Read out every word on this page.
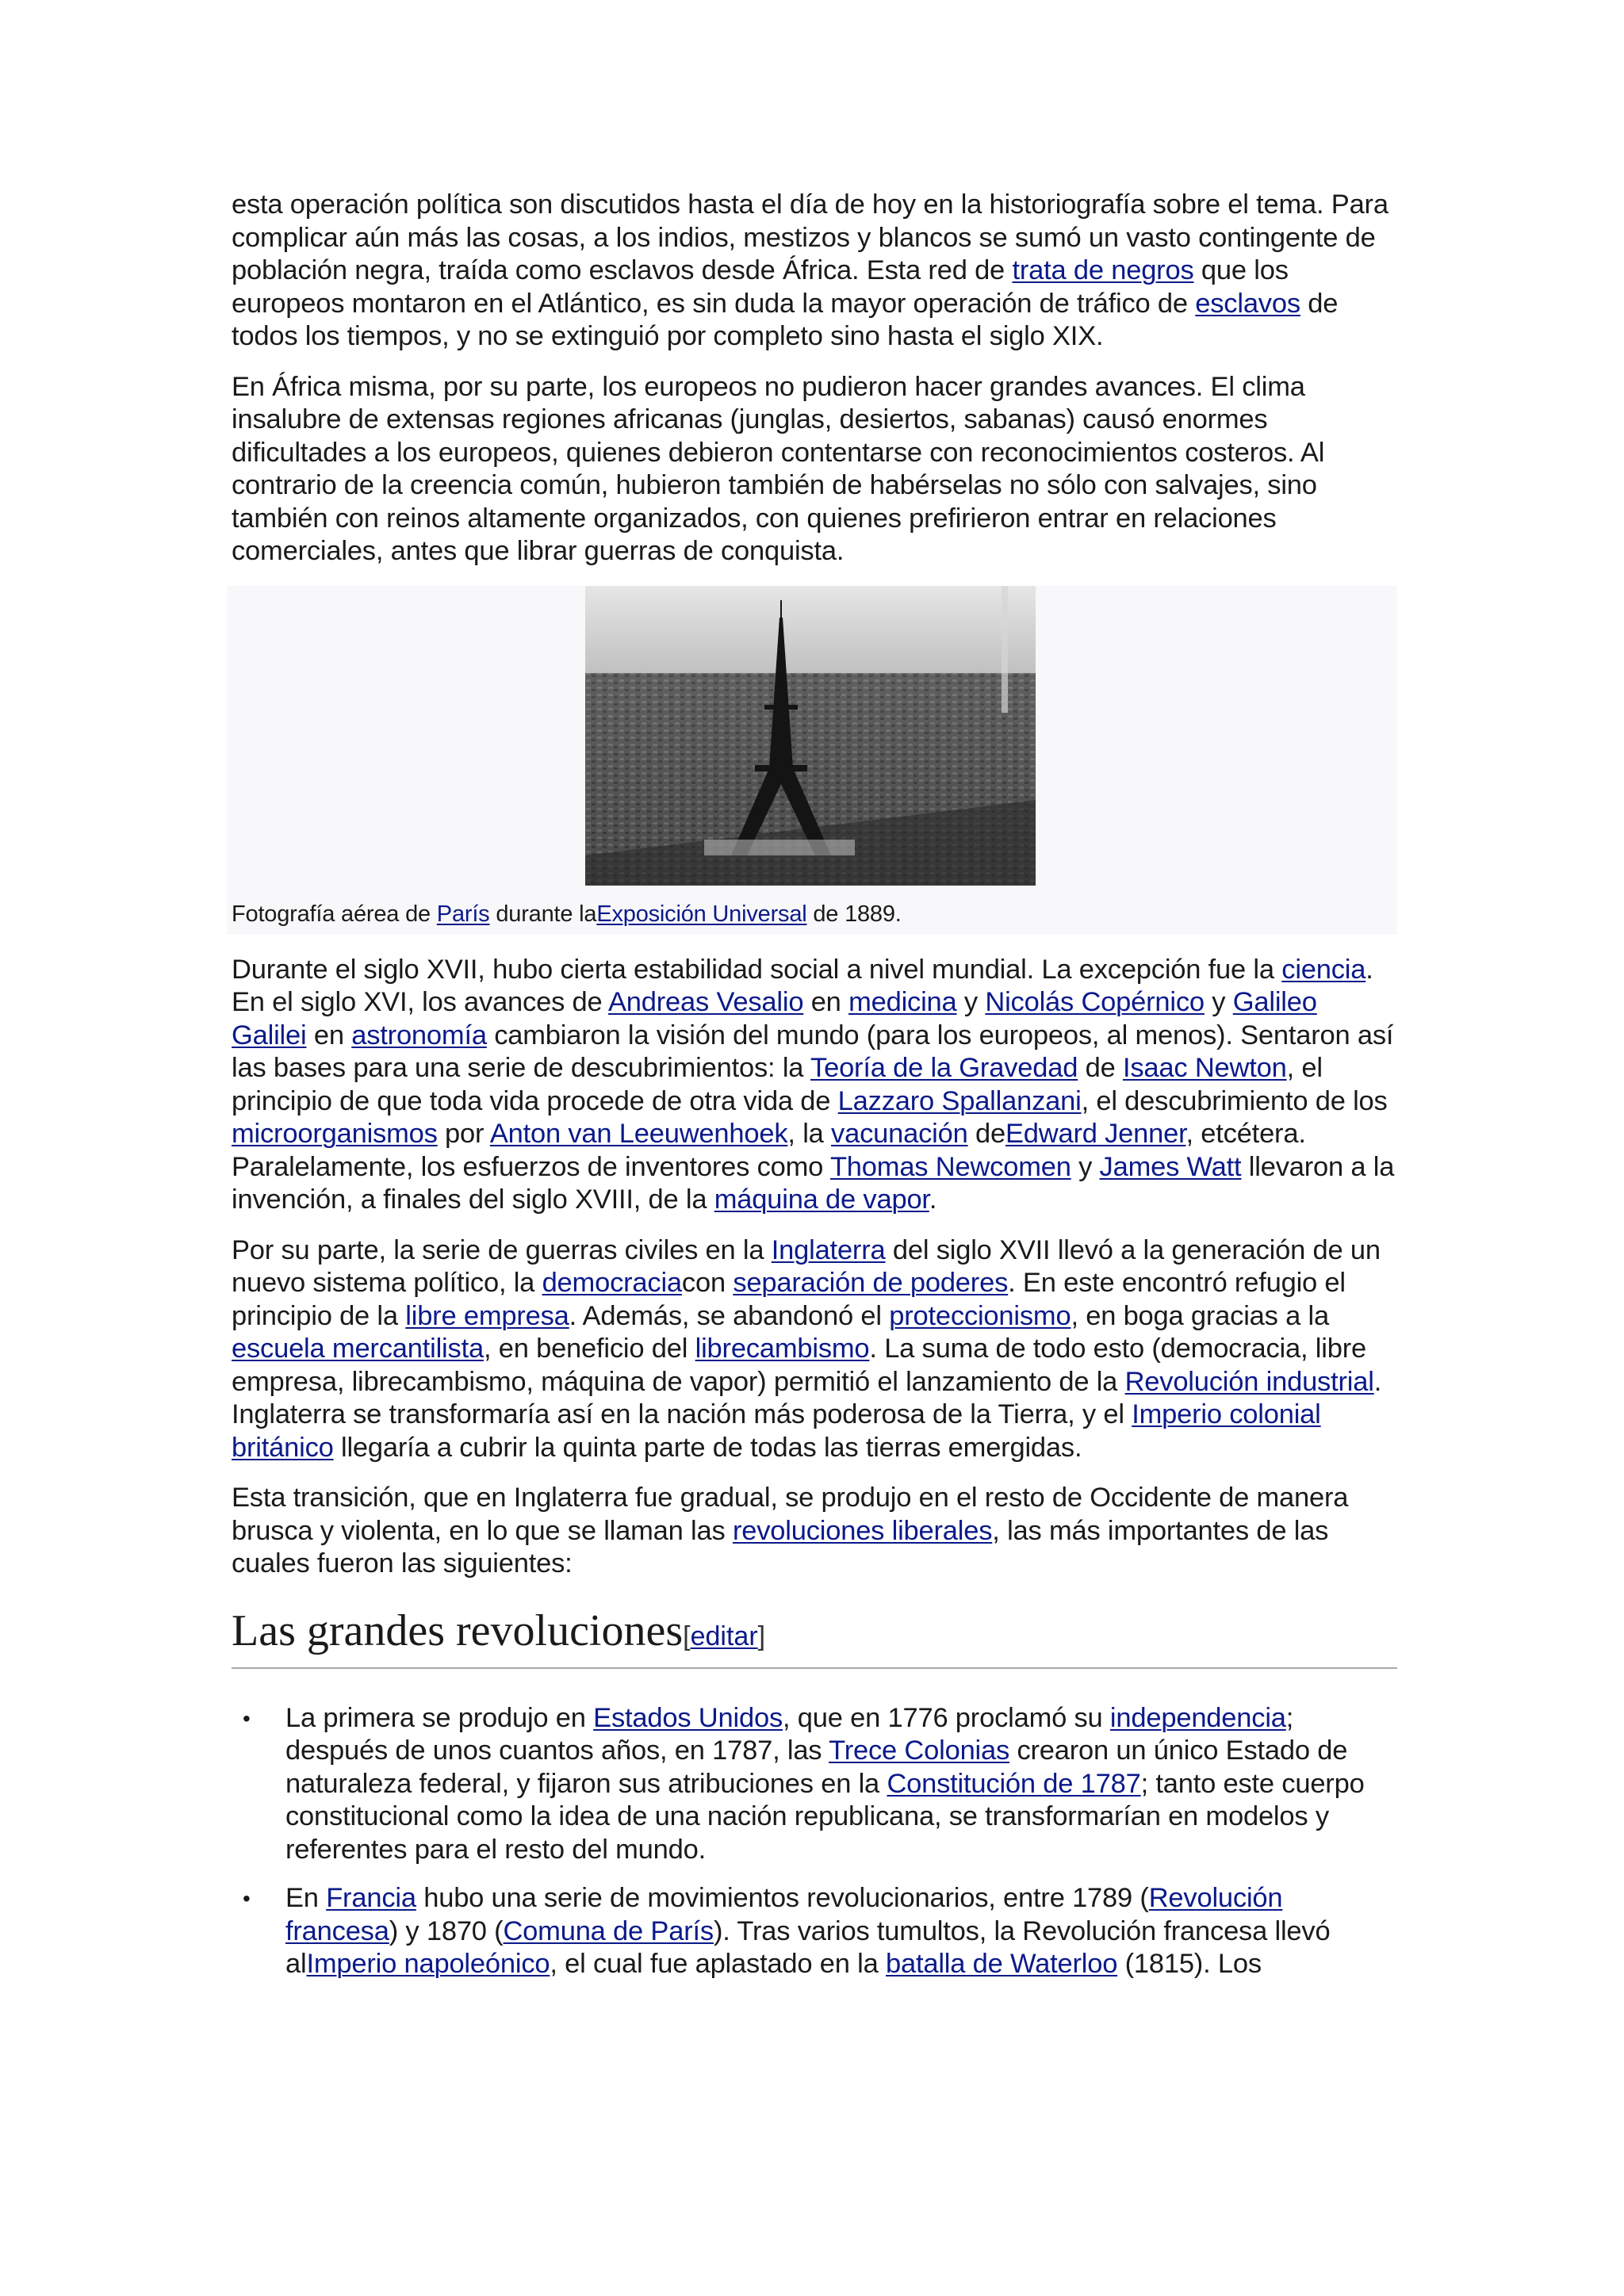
esta operación política son discutidos hasta el día de hoy en la historiografía sobre el tema. Para complicar aún más las cosas, a los indios, mestizos y blancos se sumó un vasto contingente de población negra, traída como esclavos desde África. Esta red de trata de negros que los europeos montaron en el Atlántico, es sin duda la mayor operación de tráfico de esclavos de todos los tiempos, y no se extinguió por completo sino hasta el siglo XIX.

En África misma, por su parte, los europeos no pudieron hacer grandes avances. El clima insalubre de extensas regiones africanas (junglas, desiertos, sabanas) causó enormes dificultades a los europeos, quienes debieron contentarse con reconocimientos costeros. Al contrario de la creencia común, hubieron también de habérselas no sólo con salvajes, sino también con reinos altamente organizados, con quienes prefirieron entrar en relaciones comerciales, antes que librar guerras de conquista.

Fotografía aérea de París durante laExposición Universal de 1889.

Durante el siglo XVII, hubo cierta estabilidad social a nivel mundial. La excepción fue la ciencia. En el siglo XVI, los avances de Andreas Vesalio en medicina y Nicolás Copérnico y Galileo Galilei en astronomía cambiaron la visión del mundo (para los europeos, al menos). Sentaron así las bases para una serie de descubrimientos: la Teoría de la Gravedad de Isaac Newton, el principio de que toda vida procede de otra vida de Lazzaro Spallanzani, el descubrimiento de los microorganismos por Anton van Leeuwenhoek, la vacunación deEdward Jenner, etcétera. Paralelamente, los esfuerzos de inventores como Thomas Newcomen y James Watt llevaron a la invención, a finales del siglo XVIII, de la máquina de vapor.

Por su parte, la serie de guerras civiles en la Inglaterra del siglo XVII llevó a la generación de un nuevo sistema político, la democraciacon separación de poderes. En este encontró refugio el principio de la libre empresa. Además, se abandonó el proteccionismo, en boga gracias a la escuela mercantilista, en beneficio del librecambismo. La suma de todo esto (democracia, libre empresa, librecambismo, máquina de vapor) permitió el lanzamiento de la Revolución industrial. Inglaterra se transformaría así en la nación más poderosa de la Tierra, y el Imperio colonial británico llegaría a cubrir la quinta parte de todas las tierras emergidas.

Esta transición, que en Inglaterra fue gradual, se produjo en el resto de Occidente de manera brusca y violenta, en lo que se llaman las revoluciones liberales, las más importantes de las cuales fueron las siguientes:

Las grandes revoluciones[editar]
• La primera se produjo en Estados Unidos, que en 1776 proclamó su independencia; después de unos cuantos años, en 1787, las Trece Colonias crearon un único Estado de naturaleza federal, y fijaron sus atribuciones en la Constitución de 1787; tanto este cuerpo constitucional como la idea de una nación republicana, se transformarían en modelos y referentes para el resto del mundo.
• En Francia hubo una serie de movimientos revolucionarios, entre 1789 (Revolución francesa) y 1870 (Comuna de París). Tras varios tumultos, la Revolución francesa llevó alImperio napoleónico, el cual fue aplastado en la batalla de Waterloo (1815). Los
